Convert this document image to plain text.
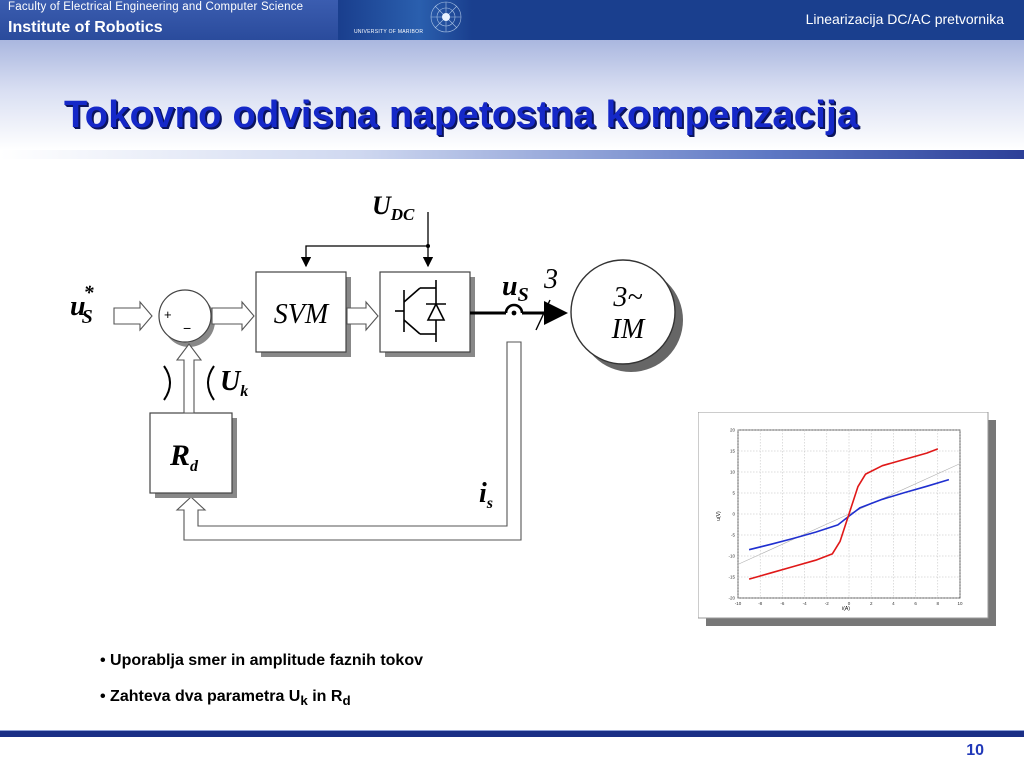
Faculty of Electrical Engineering and Computer Science
Institute of Robotics	UNIVERSITY OF MARIBOR
Linearizacija DC/AC pretvornika
Tokovno odvisna napetostna kompenzacija
$U_{DC}$
u* S	+
−	SVM
$u_S$ 3
3~
IM
$i_s$
$R_d$
$U_k$
-10	-8	-6	-4	-2	0	2	4	6	8	10
20
15
10
5
0
-5
-10
-15
-20
i(A)
u(V)
• Uporablja smer in amplitude faznih tokov
• Zahteva dva parametra $U_k$ in $R_d$
10
